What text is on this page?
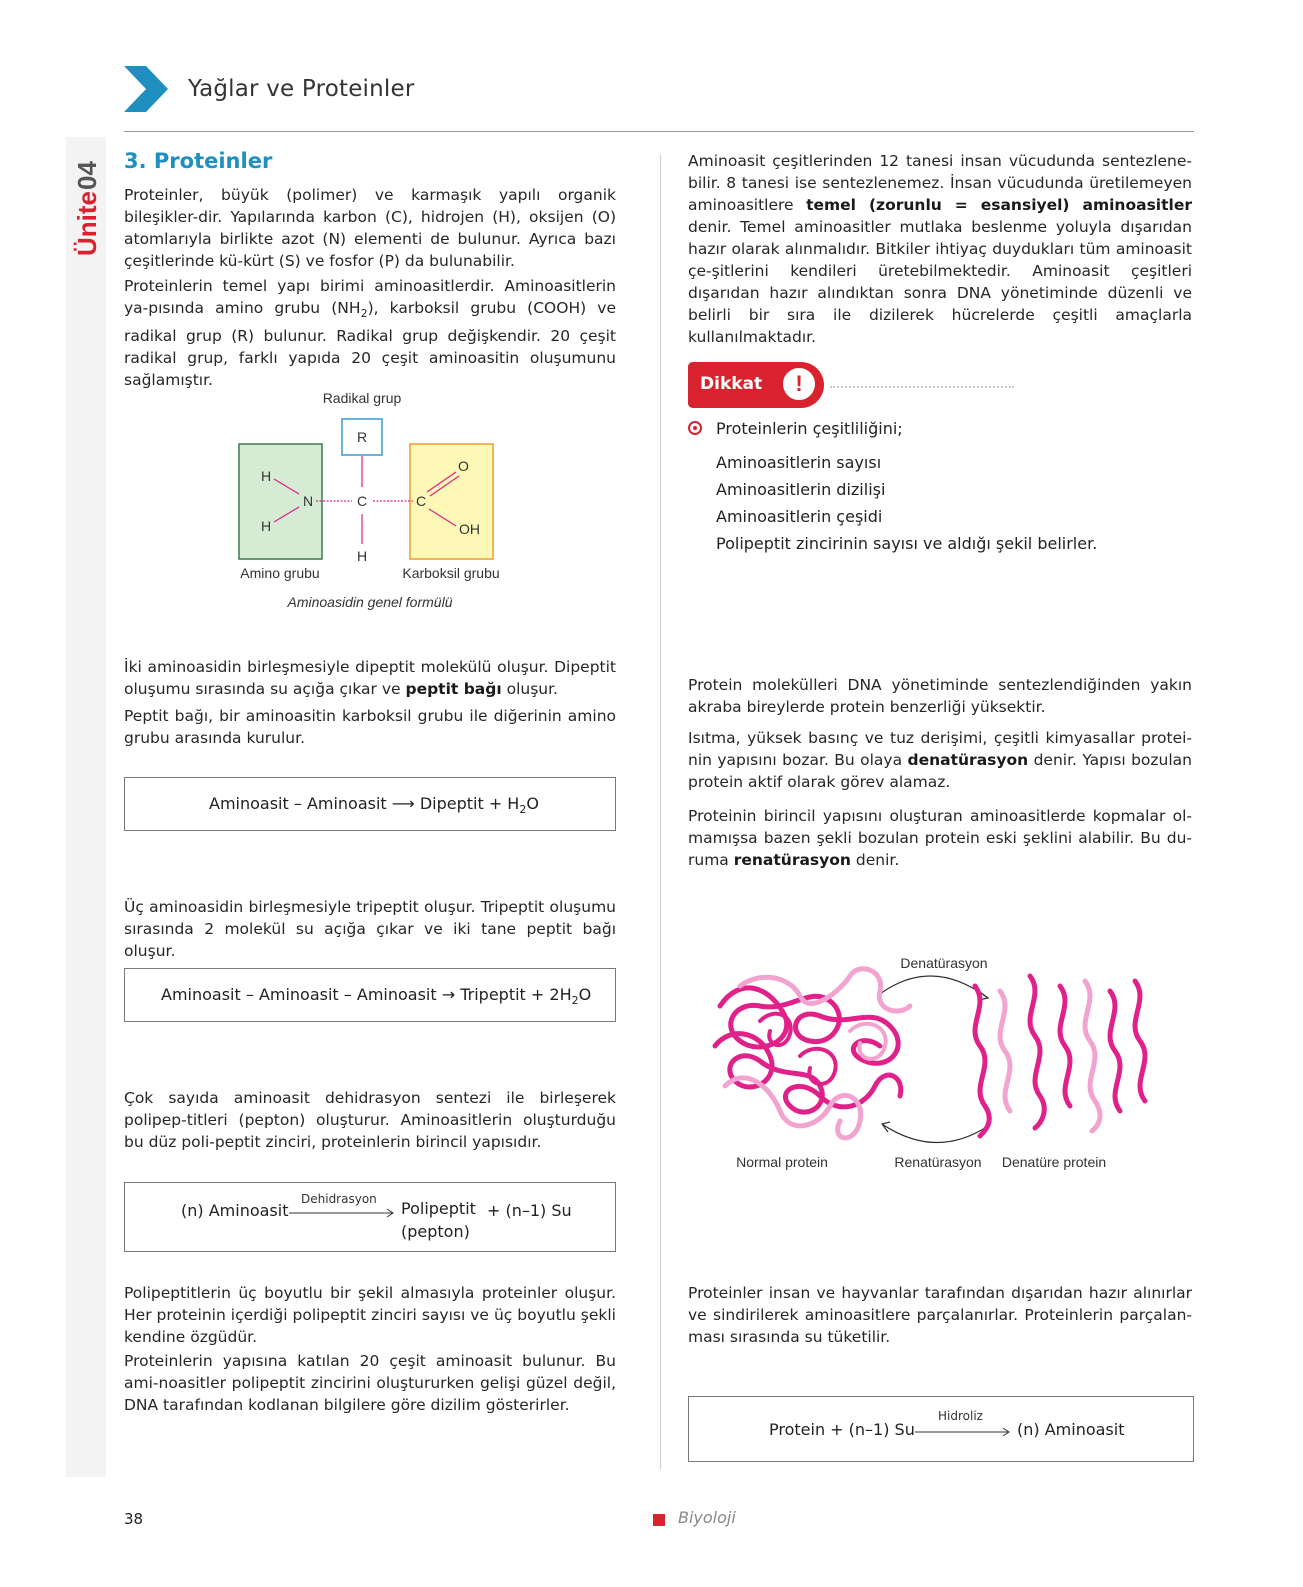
Yağlar ve Proteinler
Ünite
04
3. Proteinler
Proteinler, büyük (polimer) ve karmaşık yapılı organik bileşikler-dir. Yapılarında karbon (C), hidrojen (H), oksijen (O) atomlarıyla birlikte azot (N) elementi de bulunur. Ayrıca bazı çeşitlerinde kü-kürt (S) ve fosfor (P) da bulunabilir.
Proteinlerin temel yapı birimi aminoasitlerdir. Aminoasitlerin ya-pısında amino grubu $(NH_2)$, karboksil grubu (COOH) ve radikal grup (R) bulunur. Radikal grup değişkendir. 20 çeşit radikal grup, farklı yapıda 20 çeşit aminoasitin oluşumunu sağlamıştır.
Radikal grup
R
H
H
N	C
H
C
O
OH
Amino grubu	Karboksil grubu
Aminoasidin genel formülü
İki aminoasidin birleşmesiyle dipeptit molekülü oluşur. Dipeptit oluşumu sırasında su açığa çıkar ve peptit bağı oluşur.
Peptit bağı, bir aminoasitin karboksil grubu ile diğerinin amino grubu arasında kurulur.
Aminoasit – Aminoasit ⟶ Dipeptit + $H_2O$
Üç aminoasidin birleşmesiyle tripeptit oluşur. Tripeptit oluşumu sırasında 2 molekül su açığa çıkar ve iki tane peptit bağı oluşur.
Aminoasit – Aminoasit – Aminoasit → Tripeptit + $2H_2O$
Çok sayıda aminoasit dehidrasyon sentezi ile birleşerek polipep-titleri (pepton) oluşturur. Aminoasitlerin oluşturduğu bu düz poli-peptit zinciri, proteinlerin birincil yapısıdır.
(n) Aminoasit
Dehidrasyon Polipeptit
(pepton)
+ (n–1) Su
Polipeptitlerin üç boyutlu bir şekil almasıyla proteinler oluşur. Her proteinin içerdiği polipeptit zinciri sayısı ve üç boyutlu şekli kendine özgüdür.
Proteinlerin yapısına katılan 20 çeşit aminoasit bulunur. Bu ami-noasitler polipeptit zincirini oluştururken gelişi güzel değil, DNA tarafından kodlanan bilgilere göre dizilim gösterirler.
Aminoasit çeşitlerinden 12 tanesi insan vücudunda sentezlene-bilir. 8 tanesi ise sentezlenemez. İnsan vücudunda üretilemeyen aminoasitlere temel (zorunlu = esansiyel) aminoasitler denir. Temel aminoasitler mutlaka beslenme yoluyla dışarıdan hazır olarak alınmalıdır. Bitkiler ihtiyaç duydukları tüm aminoasit çe-şitlerini kendileri üretebilmektedir. Aminoasit çeşitleri dışarıdan hazır alındıktan sonra DNA yönetiminde düzenli ve belirli bir sıra ile dizilerek hücrelerde çeşitli amaçlarla kullanılmaktadır.
Dikkat	!
Proteinlerin çeşitliliğini;
Aminoasitlerin sayısı
Aminoasitlerin dizilişi
Aminoasitlerin çeşidi
Polipeptit zincirinin sayısı ve aldığı şekil belirler.
Protein molekülleri DNA yönetiminde sentezlendiğinden yakın akraba bireylerde protein benzerliği yüksektir.
Isıtma, yüksek basınç ve tuz derişimi, çeşitli kimyasallar protei-nin yapısını bozar. Bu olaya denatürasyon denir. Yapısı bozulan protein aktif olarak görev alamaz.
Proteinin birincil yapısını oluşturan aminoasitlerde kopmalar ol-mamışsa bazen şekli bozulan protein eski şeklini alabilir. Bu du-ruma renatürasyon denir.
Denatürasyon
Renatürasyon
Normal protein	Denatüre protein
Proteinler insan ve hayvanlar tarafından dışarıdan hazır alınırlar ve sindirilerek aminoasitlere parçalanırlar. Proteinlerin parçalan-ması sırasında su tüketilir.
Protein + (n–1) Su
Hidroliz
(n) Aminoasit
38	Biyoloji
